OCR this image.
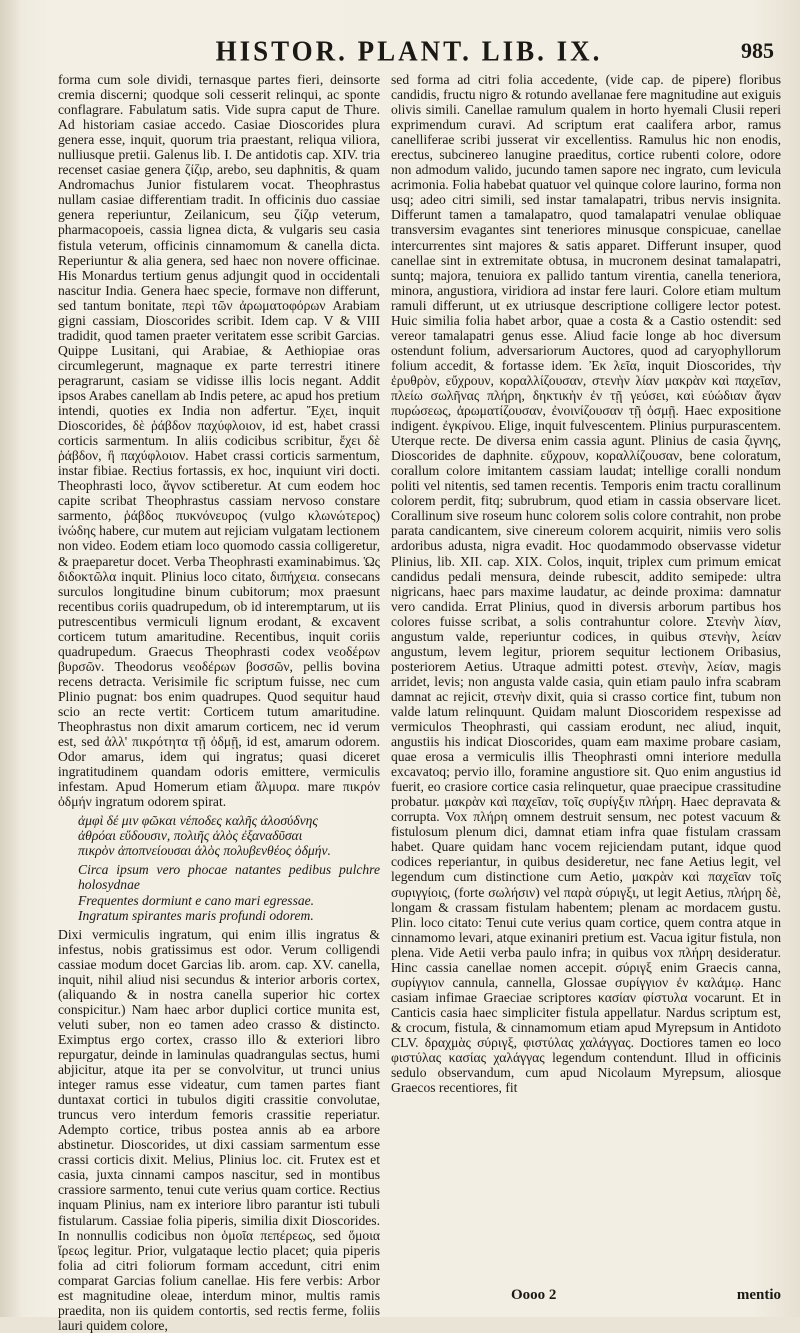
HISTOR. PLANT. LIB. IX.	985

forma cum sole dividi, ternasque partes fieri, deinsorte cremia discerni; quodque soli cesserit relinqui, ac sponte conflagrare. Fabulatum satis. Vide supra caput de Thure. Ad historiam casiae accedo. Casiae Dioscorides plura genera esse, inquit, quorum tria praestant, reliqua viliora, nulliusque pretii. Galenus lib. I. De antidotis cap. XIV. tria recenset casiae genera ζίζιρ, arebo, seu daphnitis, & quam Andromachus Junior fistularem vocat. Theophrastus nullam casiae differentiam tradit. In officinis duo cassiae genera reperiuntur, Zeilanicum, seu ζίζιρ veterum, pharmacopoeis, cassia lignea dicta, & vulgaris seu casia fistula veterum, officinis cinnamomum & canella dicta. Reperiuntur & alia genera, sed haec non novere officinae. His Monardus tertium genus adjungit quod in occidentali nascitur India. Genera haec specie, formave non differunt, sed tantum bonitate, περὶ τῶν ἀρωματοφόρων Arabiam gigni cassiam, Dioscorides scribit. Idem cap. V & VIII tradidit, quod tamen praeter veritatem esse scribit Garcias. Quippe Lusitani, qui Arabiae, & Aethiopiae oras circumlegerunt, magnaque ex parte terrestri itinere peragrarunt, casiam se vidisse illis locis negant. Addit ipsos Arabes canellam ab Indis petere, ac apud hos pretium intendi, quoties ex India non adfertur. Ἔχει, inquit Dioscorides, δὲ ῥάβδον παχύφλοιον, id est, habet crassi corticis sarmentum. In aliis codicibus scribitur, ἔχει δὲ ῥάβδον, ἢ παχύφλοιον. Habet crassi corticis sarmentum, instar fibiae. Rectius fortassis, ex hoc, inquiunt viri docti. Theophrasti loco, ἄγνον sctiberetur. At cum eodem hoc capite scribat Theophrastus cassiam nervoso constare sarmento, ῥάβδος πυκνόνευρος (vulgo κλωνώτερος) ἰνώδης habere, cur mutem aut rejiciam vulgatam lectionem non video. Eodem etiam loco quomodo cassia colligeretur, & praeparetur docet. Verba Theophrasti examinabimus. Ὡς διδοκτῶλα inquit. Plinius loco citato, διπήχεια. consecans surculos longitudine binum cubitorum; mox praesunt recentibus coriis quadrupedum, ob id interemptarum, ut iis putrescentibus vermiculi lignum erodant, & excavent corticem tutum amaritudine. Recentibus, inquit coriis quadrupedum. Graecus Theophrasti codex νεοδέρων βυρσῶν. Theodorus νεοδέρων βοσσῶν, pellis bovina recens detracta. Verisimile fic scriptum fuisse, nec cum Plinio pugnat: bos enim quadrupes. Quod sequitur haud scio an recte vertit: Corticem tutum amaritudine. Theophrastus non dixit amarum corticem, nec id verum est, sed ἀλλ' πικρότητα τῇ ὀδμῇ, id est, amarum odorem. Odor amarus, idem qui ingratus; quasi diceret ingratitudinem quandam odoris emittere, vermiculis infestam. Apud Homerum etiam ἄλμυρα. mare πικρόν ὀδμήν ingratum odorem spirat.

ἀμφὶ δέ μιν φῶκαι νέποδες καλῆς ἁλοσύδνης
ἀθρόαι εὕδουσιν, πολιῆς ἁλὸς ἐξαναδῦσαι
πικρὸν ἀποπνείουσαι ἁλὸς πολυβενθέος ὀδμήν.
Circa ipsum vero phocae natantes pedibus pulchre holosydnae
Frequentes dormiunt e cano mari egressae.
Ingratum spirantes maris profundi odorem.

Dixi vermiculis ingratum, qui enim illis ingratus & infestus, nobis gratissimus est odor. Verum colligendi cassiae modum docet Garcias lib. arom. cap. XV. canella, inquit, nihil aliud nisi secundus & interior arboris cortex, (aliquando & in nostra canella superior hic cortex conspicitur.) Nam haec arbor duplici cortice munita est, veluti suber, non eo tamen adeo crasso & distincto. Eximptus ergo cortex, crasso illo & exteriori libro repurgatur, deinde in laminulas quadrangulas sectus, humi abjicitur, atque ita per se convolvitur, ut trunci unius integer ramus esse videatur, cum tamen partes fiant duntaxat cortici in tubulos digiti crassitie convolutae, truncus vero interdum femoris crassitie reperiatur. Adempto cortice, tribus postea annis ab ea arbore abstinetur. Dioscorides, ut dixi cassiam sarmentum esse crassi corticis dixit. Melius, Plinius loc. cit. Frutex est et casia, juxta cinnami campos nascitur, sed in montibus crassiore sarmento, tenui cute verius quam cortice. Rectius inquam Plinius, nam ex interiore libro parantur isti tubuli fistularum. Cassiae folia piperis, similia dixit Dioscorides. In nonnullis codicibus non ὁμοῖα πεπέρεως, sed ὅμοια ἴρεως legitur. Prior, vulgataque lectio placet; quia piperis folia ad citri foliorum formam accedunt, citri enim comparat Garcias folium canellae. His fere verbis: Arbor est magnitudine oleae, interdum minor, multis ramis praedita, non iis quidem contortis, sed rectis ferme, foliis lauri quidem colore,

sed forma ad citri folia accedente, (vide cap. de pipere) floribus candidis, fructu nigro & rotundo avellanae fere magnitudine aut exiguis olivis simili. Canellae ramulum qualem in horto hyemali Clusii reperi exprimendum curavi. Ad scriptum erat caalifera arbor, ramus canelliferae scribi jusserat vir excellentiss. Ramulus hic non enodis, erectus, subcinereo lanugine praeditus, cortice rubenti colore, odore non admodum valido, jucundo tamen sapore nec ingrato, cum levicula acrimonia. Folia habebat quatuor vel quinque colore laurino, forma non usq; adeo citri simili, sed instar tamalapatri, tribus nervis insignita. Differunt tamen a tamalapatro, quod tamalapatri venulae obliquae transversim evagantes sint teneriores minusque conspicuae, canellae intercurrentes sint majores & satis apparet. Differunt insuper, quod canellae sint in extremitate obtusa, in mucronem desinat tamalapatri, suntq; majora, tenuiora ex pallido tantum virentia, canella teneriora, minora, angustiora, viridiora ad instar fere lauri. Colore etiam multum ramuli differunt, ut ex utriusque descriptione colligere lector potest. Huic similia folia habet arbor, quae a costa & a Castio ostendit: sed vereor tamalapatri genus esse. Aliud facie longe ab hoc diversum ostendunt folium, adversariorum Auctores, quod ad caryophyllorum folium accedit, & fortasse idem. Ἐκ λεῖα, inquit Dioscorides, τὴν ἐρυθρὸν, εὔχρουν, κοραλλίζουσαν, στενὴν λίαν μακρὰν καὶ παχεῖαν, πλείω σωλῆνας πλήρη, δηκτικὴν ἐν τῇ γεύσει, καὶ εὐώδιαν ἄγαν πυρώσεως, ἀρωματίζουσαν, ἐνοινίζουσαν τῇ ὀσμῇ. Haec expositione indigent. ἐγκρίνου. Elige, inquit fulvescentem. Plinius purpurascentem. Uterque recte. De diversa enim cassia agunt. Plinius de casia ζιγνης, Dioscorides de daphnite. εὔχρουν, κοραλλίζουσαν, bene coloratum, corallum colore imitantem cassiam laudat; intellige coralli nondum politi vel nitentis, sed tamen recentis. Temporis enim tractu corallinum colorem perdit, fitq; subrubrum, quod etiam in cassia observare licet. Corallinum sive roseum hunc colorem solis colore contrahit, non probe parata candicantem, sive cinereum colorem acquirit, nimiis vero solis ardoribus adusta, nigra evadit. Hoc quodammodo observasse videtur Plinius, lib. XII. cap. XIX. Colos, inquit, triplex cum primum emicat candidus pedali mensura, deinde rubescit, addito semipede: ultra nigricans, haec pars maxime laudatur, ac deinde proxima: damnatur vero candida. Errat Plinius, quod in diversis arborum partibus hos colores fuisse scribat, a solis contrahuntur colore. Στενὴν λίαν, angustum valde, reperiuntur codices, in quibus στενὴν, λείαν angustum, levem legitur, priorem sequitur lectionem Oribasius, posteriorem Aetius. Utraque admitti potest. στενὴν, λείαν, magis arridet, levis; non angusta valde casia, quin etiam paulo infra scabram damnat ac rejicit, στενὴν dixit, quia si crasso cortice fint, tubum non valde latum relinquunt. Quidam malunt Dioscoridem respexisse ad vermiculos Theophrasti, qui cassiam erodunt, nec aliud, inquit, angustiis his indicat Dioscorides, quam eam maxime probare casiam, quae erosa a vermiculis illis Theophrasti omni interiore medulla excavatoq; pervio illo, foramine angustiore sit. Quo enim angustius id fuerit, eo crasiore cortice casia relinquetur, quae praecipue crassitudine probatur. μακρὰν καὶ παχεῖαν, τοῖς συρίγξιν πλήρη. Haec depravata & corrupta. Vox πλήρη omnem destruit sensum, nec potest vacuum & fistulosum plenum dici, damnat etiam infra quae fistulam crassam habet. Quare quidam hanc vocem rejiciendam putant, idque quod codices reperiantur, in quibus desideretur, nec fane Aetius legit, vel legendum cum distinctione cum Aetio, μακρὰν καὶ παχεῖαν τοῖς συριγγίοις, (forte σωλήσιν) vel παρὰ σύριγξι, ut legit Aetius, πλήρη δὲ, longam & crassam fistulam habentem; plenam ac mordacem gustu. Plin. loco citato: Tenui cute verius quam cortice, quem contra atque in cinnamomo levari, atque exinaniri pretium est. Vacua igitur fistula, non plena. Vide Aetii verba paulo infra; in quibus vox πλήρη desideratur. Hinc cassia canellae nomen accepit. σύριγξ enim Graecis canna, συρίγγιον cannula, cannella, Glossae συρίγγιον ἐν καλάμῳ. Hanc casiam infimae Graeciae scriptores κασίαν φίστυλα vocarunt. Et in Canticis casia haec simpliciter fistula appellatur. Nardus scriptum est, & crocum, fistula, & cinnamomum etiam apud Myrepsum in Antidoto CLV. δραχμὰς σύριγξ, φιστύλας χαλάγγας. Doctiores tamen eo loco φιστύλας κασίας χαλάγγας legendum contendunt. Illud in officinis sedulo observandum, cum apud Nicolaum Myrepsum, aliosque Graecos recentiores, fit

Oooo 2	mentio
